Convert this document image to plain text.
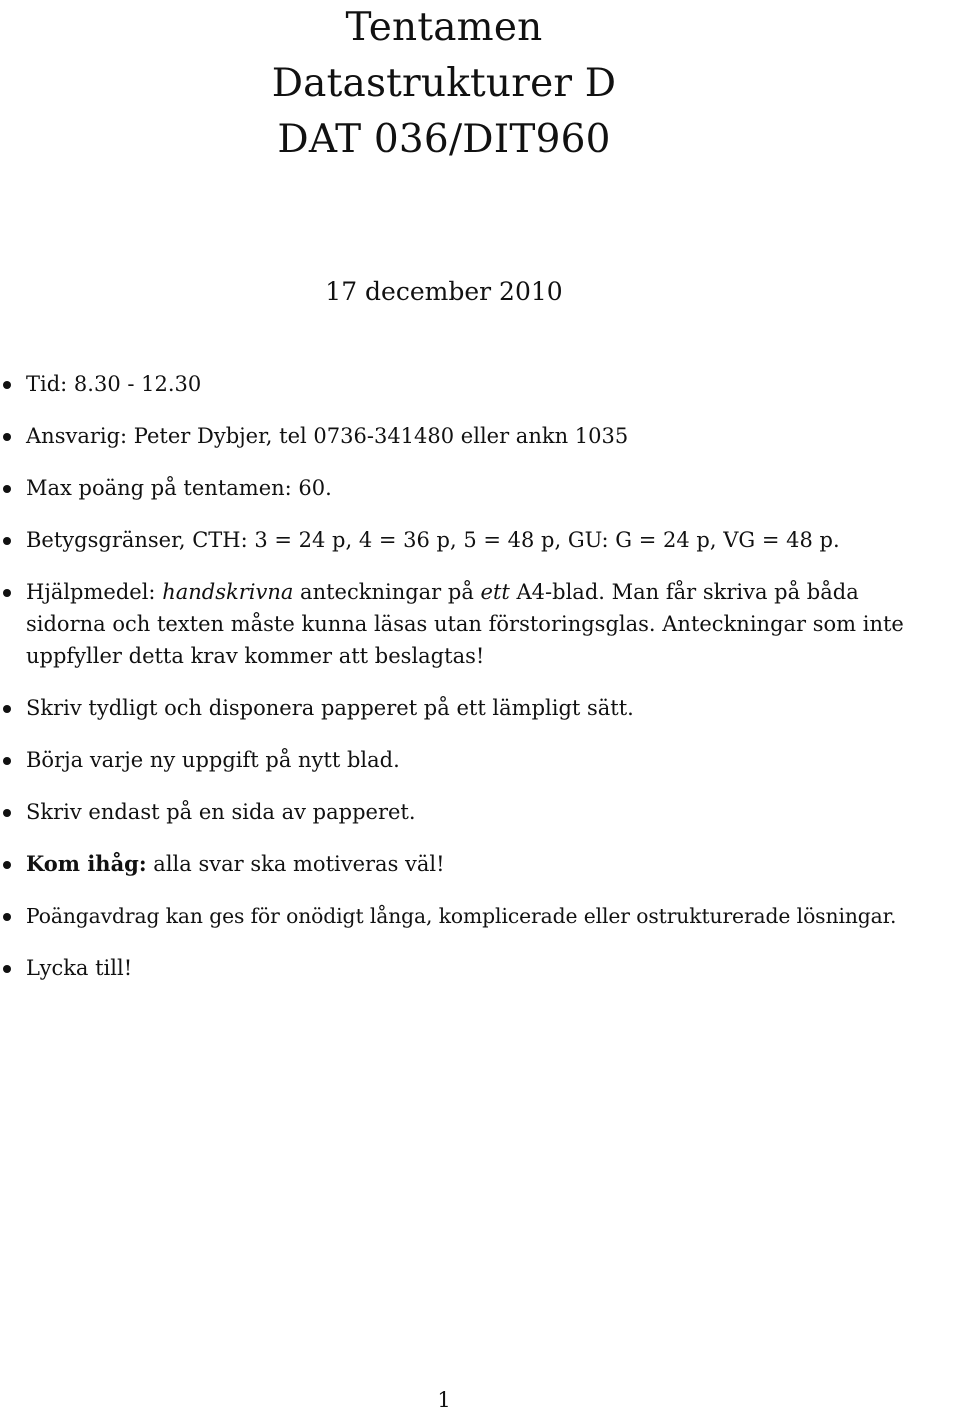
Tentamen
Datastrukturer D
DAT 036/DIT960
17 december 2010
Tid: 8.30 - 12.30
Ansvarig: Peter Dybjer, tel 0736-341480 eller ankn 1035
Max poäng på tentamen: 60.
Betygsgränser, CTH: 3 = 24 p, 4 = 36 p, 5 = 48 p, GU: G = 24 p, VG = 48 p.
Hjälpmedel: handskrivna anteckningar på ett A4-blad. Man får skriva på båda sidorna och texten måste kunna läsas utan förstoringsglas. Anteckningar som inte uppfyller detta krav kommer att beslagtas!
Skriv tydligt och disponera papperet på ett lämpligt sätt.
Börja varje ny uppgift på nytt blad.
Skriv endast på en sida av papperet.
Kom ihåg: alla svar ska motiveras väl!
Poängavdrag kan ges för onödigt långa, komplicerade eller ostrukturerade lösningar.
Lycka till!
1
